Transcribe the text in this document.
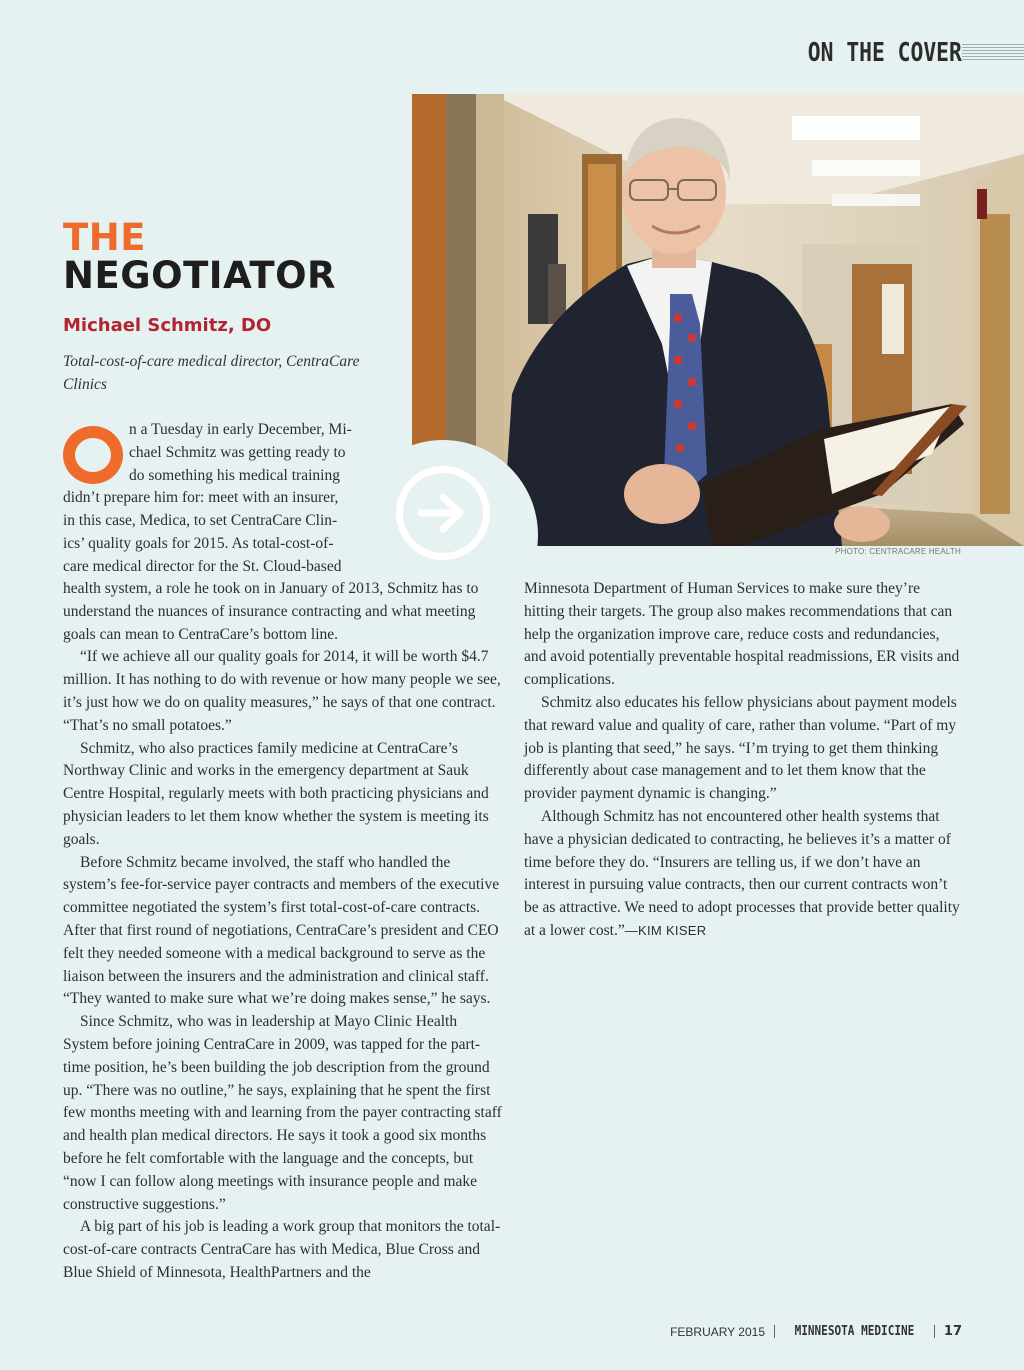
ON THE COVER
PHOTO: CENTRACARE HEALTH
THE
NEGOTIATOR
Michael Schmitz, DO
Total-cost-of-care medical director, CentraCare Clinics
n a Tuesday in early December, Mi-
chael Schmitz was getting ready to
do something his medical training
didn’t prepare him for: meet with an insurer,
in this case, Medica, to set CentraCare Clin-
ics’ quality goals for 2015. As total-cost-of-
care medical director for the St. Cloud-based

health system, a role he took on in January of 2013, Schmitz has to understand the nuances of insurance contracting and what meeting goals can mean to CentraCare’s bottom line.

“If we achieve all our quality goals for 2014, it will be worth $4.7 million. It has nothing to do with revenue or how many people we see, it’s just how we do on quality measures,” he says of that one contract. “That’s no small potatoes.”

Schmitz, who also practices family medicine at CentraCare’s Northway Clinic and works in the emergency department at Sauk Centre Hospital, regularly meets with both practicing physicians and physician leaders to let them know whether the system is meeting its goals.

Before Schmitz became involved, the staff who handled the system’s fee-for-service payer contracts and members of the executive committee negotiated the system’s first total-cost-of-care contracts. After that first round of negotiations, CentraCare’s president and CEO felt they needed someone with a medical background to serve as the liaison between the insurers and the administration and clinical staff. “They wanted to make sure what we’re doing makes sense,” he says.

Since Schmitz, who was in leadership at Mayo Clinic Health System before joining CentraCare in 2009, was tapped for the part-time position, he’s been building the job description from the ground up. “There was no outline,” he says, explaining that he spent the first few months meeting with and learning from the payer contracting staff and health plan medical directors. He says it took a good six months before he felt comfortable with the language and the concepts, but “now I can follow along meetings with insurance people and make constructive suggestions.”

A big part of his job is leading a work group that monitors the total-cost-of-care contracts CentraCare has with Medica, Blue Cross and Blue Shield of Minnesota, HealthPartners and the

Minnesota Department of Human Services to make sure they’re hitting their targets. The group also makes recommendations that can help the organization improve care, reduce costs and redundancies, and avoid potentially preventable hospital readmissions, ER visits and complications.

Schmitz also educates his fellow physicians about payment models that reward value and quality of care, rather than volume. “Part of my job is planting that seed,” he says. “I’m trying to get them thinking differently about case management and to let them know that the provider payment dynamic is changing.”

Although Schmitz has not encountered other health systems that have a physician dedicated to contracting, he believes it’s a matter of time before they do. “Insurers are telling us, if we don’t have an interest in pursuing value contracts, then our current contracts won’t be as attractive. We need to adopt processes that provide better quality at a lower cost.”—KIM KISER

FEBRUARY 2015 MINNESOTA MEDICINE 17
